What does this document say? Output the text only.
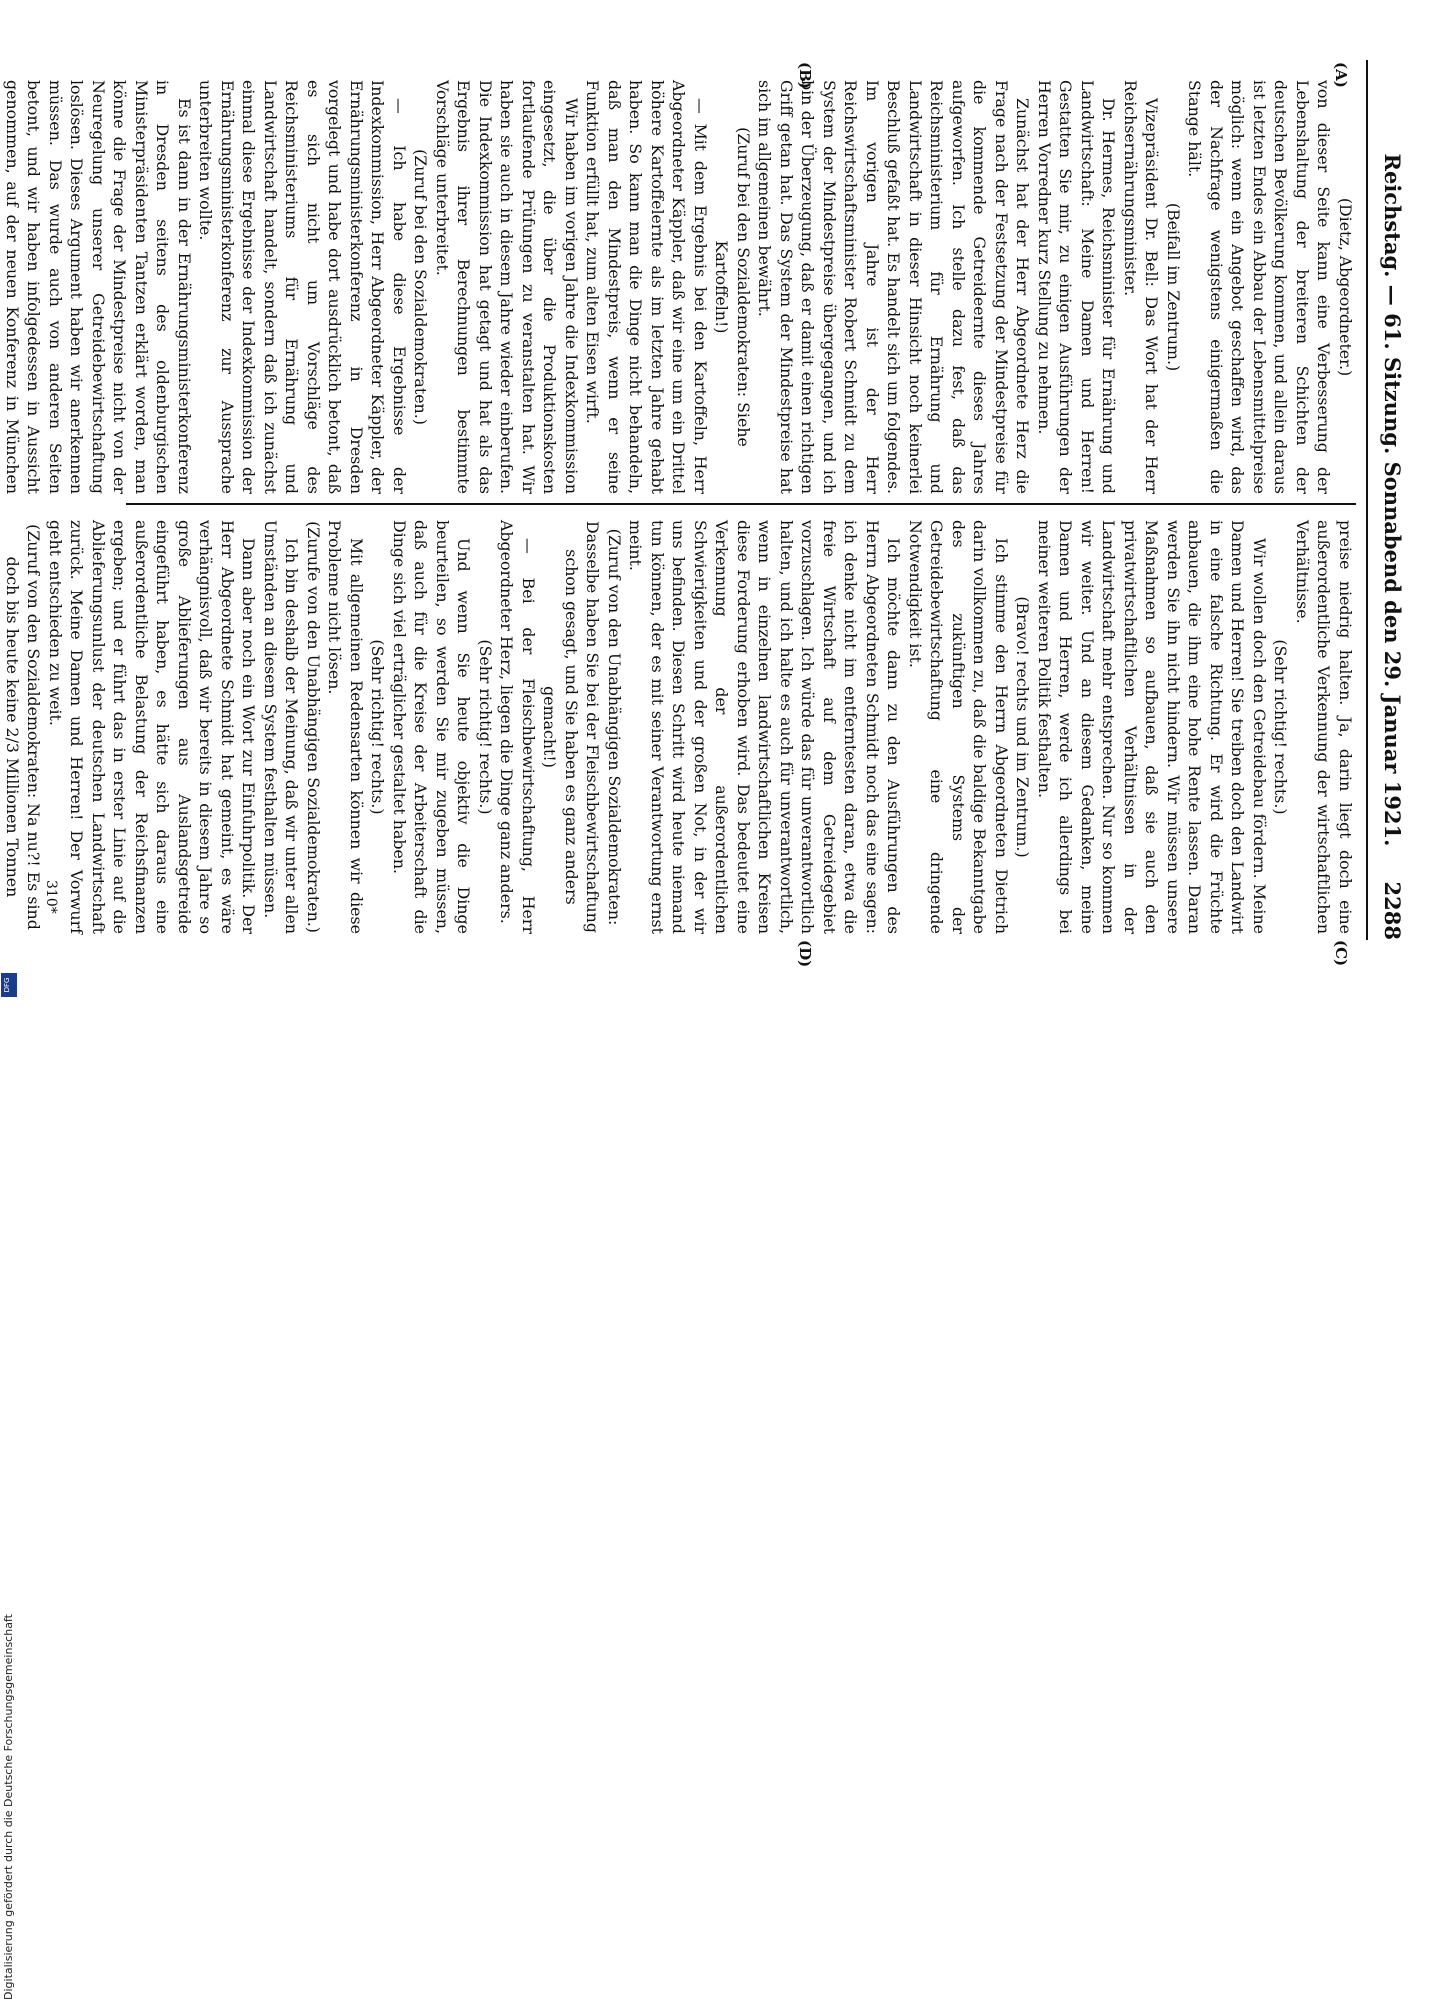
Reichstag. — 61. Sitzung. Sonnabend den 29. Januar 1921.
2288
(A)
(B)
(C)
(D)

(Dietz, Abgeordneter.)

von dieser Seite kann eine Verbesserung der Lebenshaltung der breiteren Schichten der deutschen Bevölkerung kommen, und allein daraus ist letzten Endes ein Abbau der Lebensmittelpreise möglich: wenn ein Angebot geschaffen wird, das der Nachfrage wenigstens einigermaßen die Stange hält.

(Beifall im Zentrum.)

Vizepräsident Dr. Bell: Das Wort hat der Herr Reichsernährungsminister.

Dr. Hermes, Reichsminister für Ernährung und Landwirtschaft: Meine Damen und Herren! Gestatten Sie mir, zu einigen Ausführungen der Herren Vorredner kurz Stellung zu nehmen.

Zunächst hat der Herr Abgeordnete Herz die Frage nach der Festsetzung der Mindestpreise für die kommende Getreideernte dieses Jahres aufgeworfen. Ich stelle dazu fest, daß das Reichsministerium für Ernährung und Landwirtschaft in dieser Hinsicht noch keinerlei Beschluß gefaßt hat. Es handelt sich um folgendes. Im vorigen Jahre ist der Herr Reichswirtschaftsminister Robert Schmidt zu dem System der Mindestpreise übergegangen, und ich bin der Überzeugung, daß er damit einen richtigen Griff getan hat. Das System der Mindestpreise hat sich im allgemeinen bewährt.

(Zuruf bei den Sozialdemokraten: Siehe Kartoffeln!)

— Mit dem Ergebnis bei den Kartoffeln, Herr Abgeordneter Käppler, daß wir eine um ein Drittel höhere Kartoffelernte als im letzten Jahre gehabt haben. So kann man die Dinge nicht behandeln, daß man den Mindestpreis, wenn er seine Funktion erfüllt hat, zum alten Eisen wirft.

Wir haben im vorigen Jahre die Indexkommission eingesetzt, die über die Produktionskosten fortlaufende Prüfungen zu veranstalten hat. Wir haben sie auch in diesem Jahre wieder einberufen. Die Indexkommission hat getagt und hat als das Ergebnis ihrer Berechnungen bestimmte Vorschläge unterbreitet.

(Zuruf bei den Sozialdemokraten.)

— Ich habe diese Ergebnisse der Indexkommission, Herr Abgeordneter Käppler, der Ernährungsministerkonferenz in Dresden vorgelegt und habe dort ausdrücklich betont, daß es sich nicht um Vorschläge des Reichsministeriums für Ernährung und Landwirtschaft handelt, sondern daß ich zunächst einmal diese Ergebnisse der Indexkommission der Ernährungsministerkonferenz zur Aussprache unterbreiten wollte.

Es ist dann in der Ernährungsministerkonferenz in Dresden seitens des oldenburgischen Ministerpräsidenten Tantzen erklärt worden, man könne die Frage der Mindestpreise nicht von der Neuregelung unserer Getreidebewirtschaftung loslösen. Dieses Argument haben wir anerkennen müssen. Das wurde auch von anderen Seiten betont, und wir haben infolgedessen in Aussicht genommen, auf der neuen Konferenz in München

preise niedrig halten. Ja, darin liegt doch eine außerordentliche Verkennung der wirtschaftlichen Verhältnisse.

(Sehr richtig! rechts.)

Wir wollen doch den Getreidebau fördern. Meine Damen und Herren! Sie treiben doch den Landwirt in eine falsche Richtung. Er wird die Früchte anbauen, die ihm eine hohe Rente lassen. Daran werden Sie ihn nicht hindern. Wir müssen unsere Maßnahmen so aufbauen, daß sie auch den privatwirtschaftlichen Verhältnissen in der Landwirtschaft mehr entsprechen. Nur so kommen wir weiter. Und an diesem Gedanken, meine Damen und Herren, werde ich allerdings bei meiner weiteren Politik festhalten.

(Bravo! rechts und im Zentrum.)

Ich stimme den Herrn Abgeordneten Dietrich darin vollkommen zu, daß die baldige Bekanntgabe des zukünftigen Systems der Getreidebewirtschaftung eine dringende Notwendigkeit ist.

Ich möchte dann zu den Ausführungen des Herrn Abgeordneten Schmidt noch das eine sagen: ich denke nicht im entferntesten daran, etwa die freie Wirtschaft auf dem Getreidegebiet vorzuschlagen. Ich würde das für unverantwortlich halten, und ich halte es auch für unverantwortlich, wenn in einzelnen landwirtschaftlichen Kreisen diese Forderung erhoben wird. Das bedeutet eine Verkennung der außerordentlichen Schwierigkeiten und der großen Not, in der wir uns befinden. Diesen Schritt wird heute niemand tun können, der es mit seiner Verantwortung ernst meint.

(Zuruf von den Unabhängigen Sozialdemokraten: Dasselbe haben Sie bei der Fleischbewirtschaftung schon gesagt, und Sie haben es ganz anders gemacht!)

— Bei der Fleischbewirtschaftung, Herr Abgeordneter Herz, liegen die Dinge ganz anders.

(Sehr richtig! rechts.)

Und wenn Sie heute objektiv die Dinge beurteilen, so werden Sie mir zugeben müssen, daß auch für die Kreise der Arbeiterschaft die Dinge sich viel erträglicher gestaltet haben.

(Sehr richtig! rechts.)

Mit allgemeinen Redensarten können wir diese Probleme nicht lösen.

(Zurufe von den Unabhängigen Sozialdemokraten.)

Ich bin deshalb der Meinung, daß wir unter allen Umständen an diesem System festhalten müssen.

Dann aber noch ein Wort zur Einfuhrpolitik. Der Herr Abgeordnete Schmidt hat gemeint, es wäre verhängnisvoll, daß wir bereits in diesem Jahre so große Ablieferungen aus Auslandsgetreide eingeführt haben, es hätte sich daraus eine außerordentliche Belastung der Reichsfinanzen ergeben; und er führt das in erster Linie auf die Ablieferungsunlust der deutschen Landwirtschaft zurück. Meine Damen und Herren! Der Vorwurf geht entschieden zu weit.

(Zuruf von den Sozialdemokraten: Na nu?! Es sind doch bis heute keine 2/3 Millionen Tonnen	310*
Digitalisierung gefördert durch die Deutsche Forschungsgemeinschaft
DFG
